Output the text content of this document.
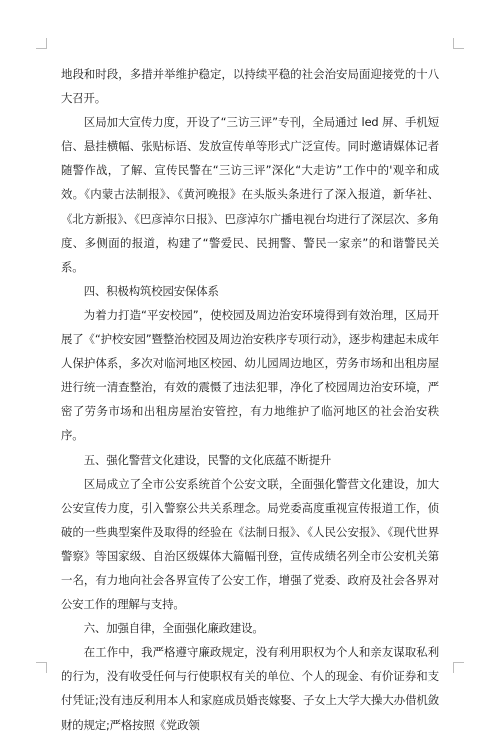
地段和时段，多措并举维护稳定，以持续平稳的社会治安局面迎接党的十八大召开。

区局加大宣传力度，开设了“三访三评”专刊，全局通过 led 屏、手机短信、悬挂横幅、张贴标语、发放宣传单等形式广泛宣传。同时邀请媒体记者随警作战，了解、宣传民警在“三访三评”深化“大走访”工作中的'观辛和成效。《内蒙古法制报》、《黄河晚报》在头版头条进行了深入报道，新华社、《北方新报》、《巴彦淖尔日报》、巴彦淖尔广播电视台均进行了深层次、多角度、多侧面的报道，构建了“警爱民、民拥警、警民一家亲”的和谐警民关系。

四、积极构筑校园安保体系

为着力打造“平安校园”，使校园及周边治安环境得到有效治理，区局开展了《“护校安园”暨整治校园及周边治安秩序专项行动》，逐步构建起未成年人保护体系，多次对临河地区校园、幼儿园周边地区，劳务市场和出租房屋进行统一清查整治，有效的震慑了违法犯罪，净化了校园周边治安环境，严密了劳务市场和出租房屋治安管控，有力地维护了临河地区的社会治安秩序。

五、强化警营文化建设，民警的文化底蕴不断提升

区局成立了全市公安系统首个公安文联，全面强化警营文化建设，加大公安宣传力度，引入警察公共关系理念。局党委高度重视宣传报道工作，侦破的一些典型案件及取得的经验在《法制日报》、《人民公安报》、《现代世界警察》等国家级、自治区级媒体大篇幅刊登，宣传成绩名列全市公安机关第一名，有力地向社会各界宣传了公安工作，增强了党委、政府及社会各界对公安工作的理解与支持。

六、加强自律，全面强化廉政建设。

在工作中，我严格遵守廉政规定，没有利用职权为个人和亲友谋取私利的行为，没有收受任何与行使职权有关的单位、个人的现金、有价证券和支付凭证;没有违反利用本人和家庭成员婚丧嫁娶、子女上大学大操大办借机敛财的规定;严格按照《党政领
